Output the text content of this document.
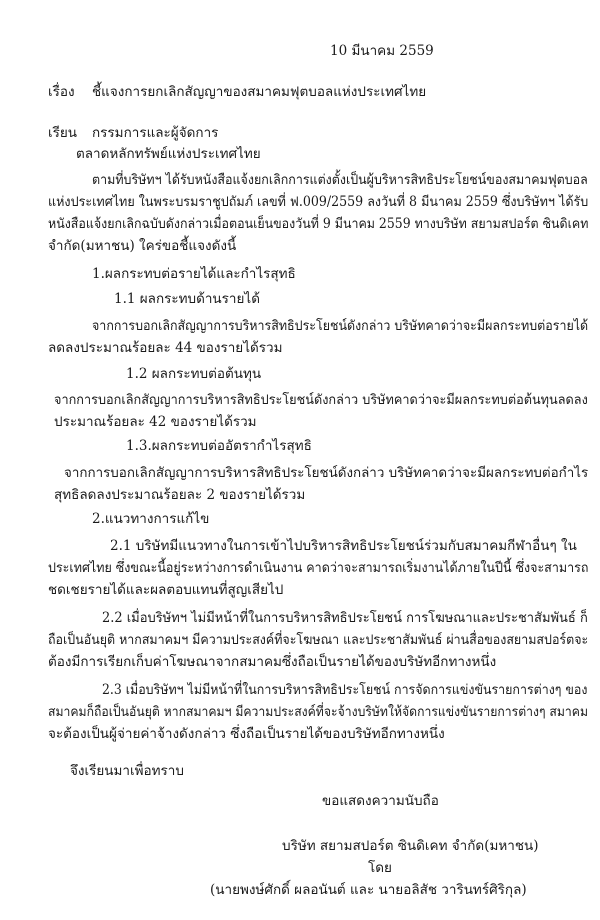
10 มีนาคม 2559
เรื่อง ชี้แจงการยกเลิกสัญญาของสมาคมฟุตบอลแห่งประเทศไทย
เรียน กรรมการและผู้จัดการ
ตลาดหลักทรัพย์แห่งประเทศไทย
ตามที่บริษัทฯ ได้รับหนังสือแจ้งยกเลิกการแต่งตั้งเป็นผู้บริหารสิทธิประโยชน์ของสมาคมฟุตบอล
แห่งประเทศไทย ในพระบรมราชูปถัมภ์ เลขที่ ฟ.009/2559 ลงวันที่ 8 มีนาคม 2559 ซึ่งบริษัทฯ ได้รับ
หนังสือแจ้งยกเลิกฉบับดังกล่าวเมื่อตอนเย็นของวันที่ 9 มีนาคม 2559 ทางบริษัท สยามสปอร์ต ซินดิเคท
จำกัด(มหาชน) ใคร่ขอชี้แจงดังนี้
1.ผลกระทบต่อรายได้และกำไรสุทธิ
1.1 ผลกระทบด้านรายได้
จากการบอกเลิกสัญญาการบริหารสิทธิประโยชน์ดังกล่าว บริษัทคาดว่าจะมีผลกระทบต่อรายได้
ลดลงประมาณร้อยละ 44 ของรายได้รวม
1.2 ผลกระทบต่อต้นทุน
จากการบอกเลิกสัญญาการบริหารสิทธิประโยชน์ดังกล่าว บริษัทคาดว่าจะมีผลกระทบต่อต้นทุนลดลง
ประมาณร้อยละ 42 ของรายได้รวม
1.3.ผลกระทบต่ออัตรากำไรสุทธิ
จากการบอกเลิกสัญญาการบริหารสิทธิประโยชน์ดังกล่าว บริษัทคาดว่าจะมีผลกระทบต่อกำไร
สุทธิลดลงประมาณร้อยละ 2 ของรายได้รวม
2.แนวทางการแก้ไข
2.1 บริษัทมีแนวทางในการเข้าไปบริหารสิทธิประโยชน์ร่วมกับสมาคมกีฬาอื่นๆ ใน
ประเทศไทย ซึ่งขณะนี้อยู่ระหว่างการดำเนินงาน คาดว่าจะสามารถเริ่มงานได้ภายในปีนี้ ซึ่งจะสามารถ
ชดเชยรายได้และผลตอบแทนที่สูญเสียไป
2.2 เมื่อบริษัทฯ ไม่มีหน้าที่ในการบริหารสิทธิประโยชน์ การโฆษณาและประชาสัมพันธ์ ก็
ถือเป็นอันยุติ หากสมาคมฯ มีความประสงค์ที่จะโฆษณา และประชาสัมพันธ์ ผ่านสื่อของสยามสปอร์ตจะ
ต้องมีการเรียกเก็บค่าโฆษณาจากสมาคมซึ่งถือเป็นรายได้ของบริษัทอีกทางหนึ่ง
2.3 เมื่อบริษัทฯ ไม่มีหน้าที่ในการบริหารสิทธิประโยชน์ การจัดการแข่งขันรายการต่างๆ ของ
สมาคมก็ถือเป็นอันยุติ หากสมาคมฯ มีความประสงค์ที่จะจ้างบริษัทให้จัดการแข่งขันรายการต่างๆ สมาคม
จะต้องเป็นผู้จ่ายค่าจ้างดังกล่าว ซึ่งถือเป็นรายได้ของบริษัทอีกทางหนึ่ง
จึงเรียนมาเพื่อทราบ
ขอแสดงความนับถือ
บริษัท สยามสปอร์ต ซินดิเคท จำกัด(มหาชน)
โดย
(นายพงษ์ศักดิ์ ผลอนันต์ และ นายอลิสัช วารินทร์ศิริกุล)
